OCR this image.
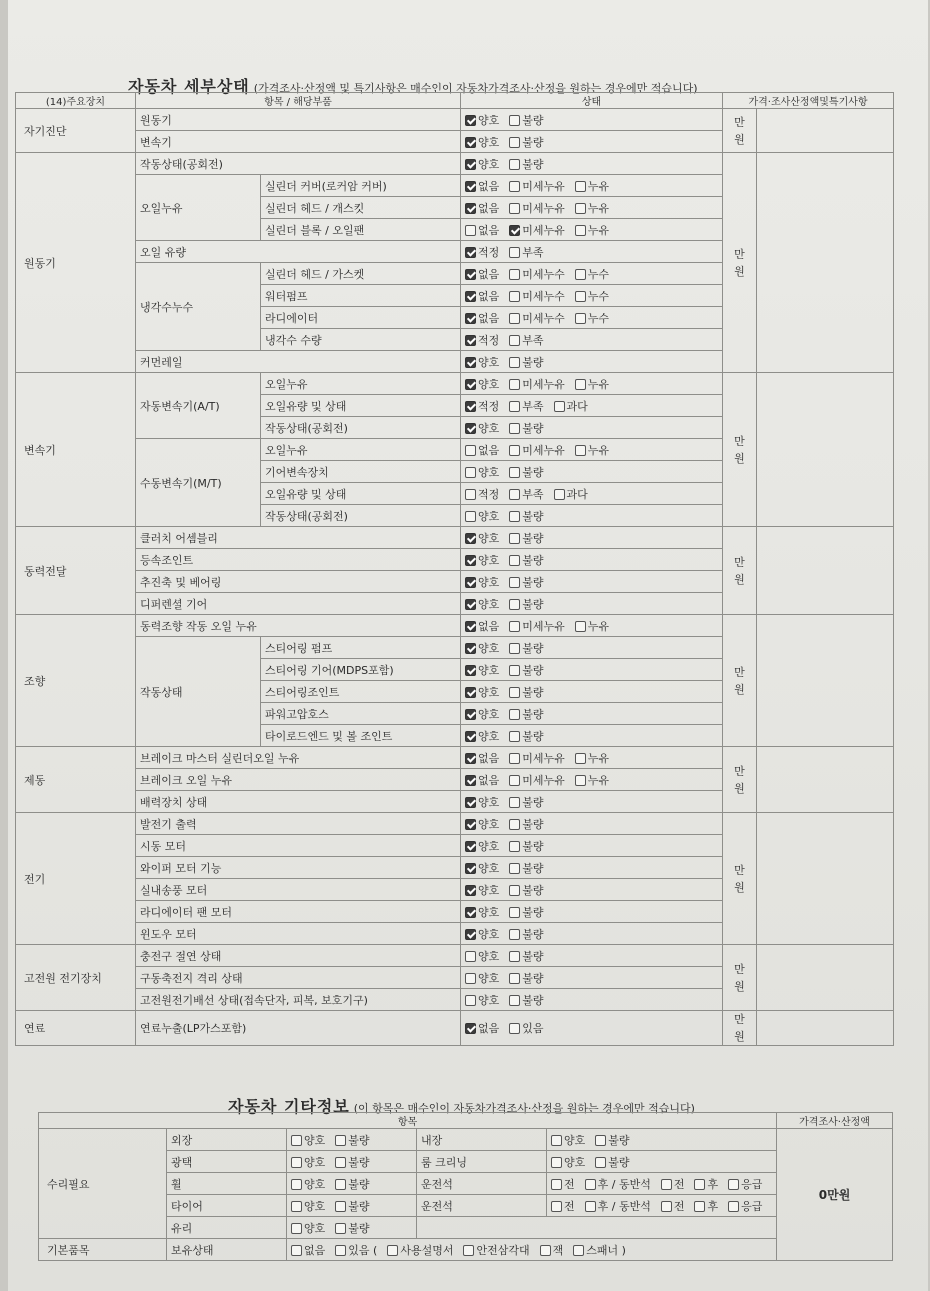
자동차 세부상태 (가격조사·산정액 및 특기사항은 매수인이 자동차가격조사·산정을 원하는 경우에만 적습니다)
자동차 기타정보 (이 항목은 매수인이 자동차가격조사·산정을 원하는 경우에만 적습니다)
(14)주요장치	항목 / 해당부품		상태	가격·조사산정액및특기사항	
자기진단	원동기		양호 불량	만
원	
	변속기		양호 불량		
원동기	작동상태(공회전)		양호 불량	만
원	
	오일누유	실린더 커버(로커암 커버)	없음 미세누유 누유		
		실린더 헤드 / 개스킷	없음 미세누유 누유		
		실린더 블록 / 오일팬	없음 미세누유 누유		
	오일 유량		적정 부족		
	냉각수누수	실린더 헤드 / 가스켓	없음 미세누수 누수		
		워터펌프	없음 미세누수 누수		
		라디에이터	없음 미세누수 누수		
		냉각수 수량	적정 부족		
	커먼레일		양호 불량		
변속기	자동변속기(A/T)	오일누유	양호 미세누유 누유	만
원	
		오일유량 및 상태	적정 부족 과다		
		작동상태(공회전)	양호 불량		
	수동변속기(M/T)	오일누유	없음 미세누유 누유		
		기어변속장치	양호 불량		
		오일유량 및 상태	적정 부족 과다		
		작동상태(공회전)	양호 불량		
동력전달	클러치 어셈블리		양호 불량	만
원	
	등속조인트		양호 불량		
	추진축 및 베어링		양호 불량		
	디퍼렌셜 기어		양호 불량		
조향	동력조향 작동 오일 누유		없음 미세누유 누유	만
원	
	작동상태	스티어링 펌프	양호 불량		
		스티어링 기어(MDPS포함)	양호 불량		
		스티어링조인트	양호 불량		
		파워고압호스	양호 불량		
		타이로드엔드 및 볼 조인트	양호 불량		
제동	브레이크 마스터 실린더오일 누유		없음 미세누유 누유	만
원	
	브레이크 오일 누유		없음 미세누유 누유		
	배력장치 상태		양호 불량		
전기	발전기 출력		양호 불량	만
원	
	시동 모터		양호 불량		
	와이퍼 모터 기능		양호 불량		
	실내송풍 모터		양호 불량		
	라디에이터 팬 모터		양호 불량		
	윈도우 모터		양호 불량		
고전원 전기장치	충전구 절연 상태		양호 불량	만
원	
	구동축전지 격리 상태		양호 불량		
	고전원전기배선 상태(접속단자, 피복, 보호기구)		양호 불량		
연료	연료누출(LP가스포함)		없음 있음	만
원	
항목					가격조사·산정액
수리필요	외장	양호 불량	내장	양호 불량	0만원
	광택	양호 불량	룸 크리닝	양호 불량	
	휠	양호 불량	운전석	전 후 / 동반석 전 후 응급	
	타이어	양호 불량	운전석	전 후 / 동반석 전 후 응급	
	유리	양호 불량			
기본품목	보유상태	없음 있음 ( 사용설명서 안전삼각대 잭 스패너 )			
